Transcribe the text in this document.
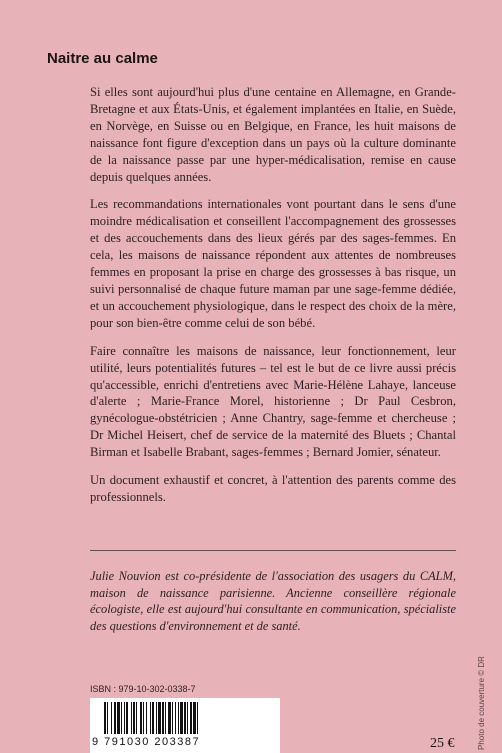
Naitre au calme

Si elles sont aujourd'hui plus d'une centaine en Allemagne, en Grande-Bretagne et aux États-Unis, et également implantées en Italie, en Suède, en Norvège, en Suisse ou en Belgique, en France, les huit maisons de naissance font figure d'exception dans un pays où la culture dominante de la naissance passe par une hyper-médicalisation, remise en cause depuis quelques années.

Les recommandations internationales vont pourtant dans le sens d'une moindre médicalisation et conseillent l'accompagnement des grossesses et des accouchements dans des lieux gérés par des sages-femmes. En cela, les maisons de naissance répondent aux attentes de nombreuses femmes en proposant la prise en charge des grossesses à bas risque, un suivi personnalisé de chaque future maman par une sage-femme dédiée, et un accouchement physiologique, dans le respect des choix de la mère, pour son bien-être comme celui de son bébé.

Faire connaître les maisons de naissance, leur fonctionnement, leur utilité, leurs potentialités futures – tel est le but de ce livre aussi précis qu'accessible, enrichi d'entretiens avec Marie-Hélène Lahaye, lanceuse d'alerte ; Marie-France Morel, historienne ; Dr Paul Cesbron, gynécologue-obstétricien ; Anne Chantry, sage-femme et chercheuse ; Dr Michel Heisert, chef de service de la maternité des Bluets ; Chantal Birman et Isabelle Brabant, sages-femmes ; Bernard Jomier, sénateur.

Un document exhaustif et concret, à l'attention des parents comme des professionnels.

Julie Nouvion est co-présidente de l'association des usagers du CALM, maison de naissance parisienne. Ancienne conseillère régionale écologiste, elle est aujourd'hui consultante en communication, spécialiste des questions d'environnement et de santé.
Photo de couverture © DR
ISBN : 979-10-302-0338-7
9 791030 203387	25 €
